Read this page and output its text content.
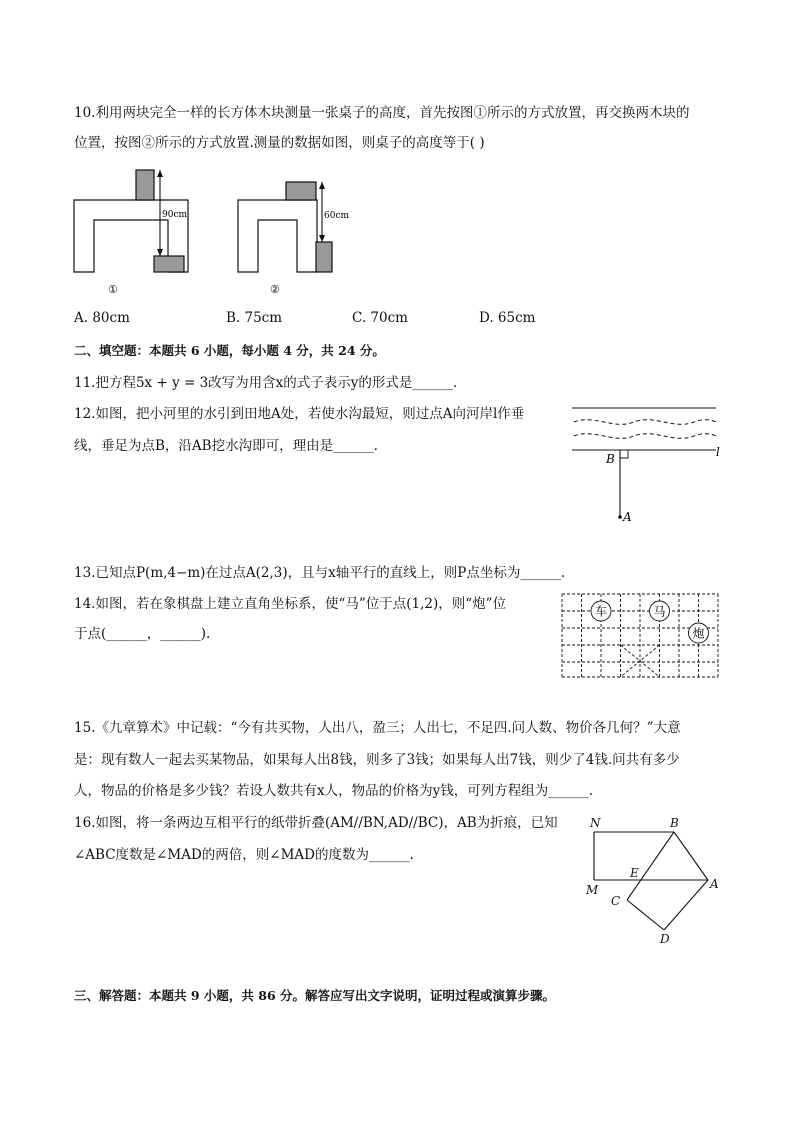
10.利用两块完全一样的长方体木块测量一张桌子的高度，首先按图①所示的方式放置，再交换两木块的
位置，按图②所示的方式放置.测量的数据如图，则桌子的高度等于( )
90cm
①
60cm
②
A. 80cm	B. 75cm	C. 70cm	D. 65cm
二、填空题：本题共 6 小题，每小题 4 分，共 24 分。
11.把方程5x + y = 3改写为用含x的式子表示y的形式是______.
12.如图，把小河里的水引到田地A处，若使水沟最短，则过点A向河岸l作垂
线，垂足为点B，沿AB挖水沟即可，理由是______.
B	l
A
13.已知点P(m,4−m)在过点A(2,3)，且与x轴平行的直线上，则P点坐标为______.
14.如图，若在象棋盘上建立直角坐标系，使“马”位于点(1,2)，则“炮”位
于点(______，______).
车	马
炮
15.《九章算术》中记载：“今有共买物，人出八，盈三；人出七，不足四.问人数、物价各几何？”大意
是：现有数人一起去买某物品，如果每人出8钱，则多了3钱；如果每人出7钱，则少了4钱.问共有多少
人，物品的价格是多少钱？若设人数共有x人，物品的价格为y钱，可列方程组为______.
16.如图，将一条两边互相平行的纸带折叠(AM//BN,AD//BC)，AB为折痕，已知
∠ABC度数是∠MAD的两倍，则∠MAD的度数为______.
N	B
M
E
A
C
D
三、解答题：本题共 9 小题，共 86 分。解答应写出文字说明，证明过程或演算步骤。
